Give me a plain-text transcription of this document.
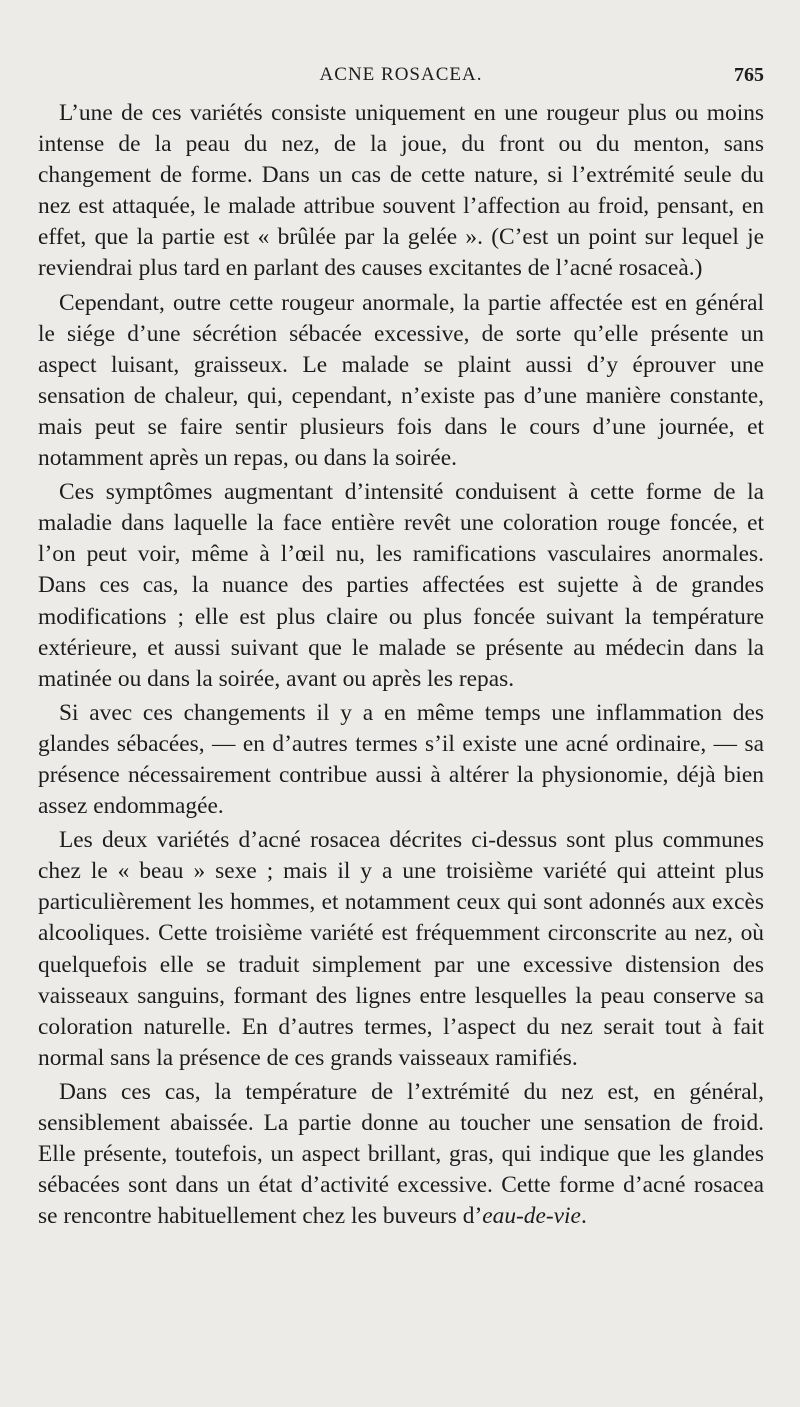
ACNE ROSACEA.	765

L’une de ces variétés consiste uniquement en une rougeur plus ou moins intense de la peau du nez, de la joue, du front ou du menton, sans changement de forme. Dans un cas de cette nature, si l’extrémité seule du nez est attaquée, le malade attribue souvent l’affection au froid, pensant, en effet, que la partie est « brûlée par la gelée ». (C’est un point sur lequel je reviendrai plus tard en parlant des causes excitantes de l’acné rosaceà.)

Cependant, outre cette rougeur anormale, la partie affectée est en général le siége d’une sécrétion sébacée excessive, de sorte qu’elle présente un aspect luisant, graisseux. Le malade se plaint aussi d’y éprouver une sensation de chaleur, qui, cependant, n’existe pas d’une manière constante, mais peut se faire sentir plusieurs fois dans le cours d’une journée, et notamment après un repas, ou dans la soirée.

Ces symptômes augmentant d’intensité conduisent à cette forme de la maladie dans laquelle la face entière revêt une coloration rouge foncée, et l’on peut voir, même à l’œil nu, les ramifications vasculaires anormales. Dans ces cas, la nuance des parties affectées est sujette à de grandes modifications ; elle est plus claire ou plus foncée suivant la température extérieure, et aussi suivant que le malade se présente au médecin dans la matinée ou dans la soirée, avant ou après les repas.

Si avec ces changements il y a en même temps une inflammation des glandes sébacées, — en d’autres termes s’il existe une acné ordinaire, — sa présence nécessairement contribue aussi à altérer la physionomie, déjà bien assez endommagée.

Les deux variétés d’acné rosacea décrites ci-dessus sont plus communes chez le « beau » sexe ; mais il y a une troisième variété qui atteint plus particulièrement les hommes, et notamment ceux qui sont adonnés aux excès alcooliques. Cette troisième variété est fréquemment circonscrite au nez, où quelquefois elle se traduit simplement par une excessive distension des vaisseaux sanguins, formant des lignes entre lesquelles la peau conserve sa coloration naturelle. En d’autres termes, l’aspect du nez serait tout à fait normal sans la présence de ces grands vaisseaux ramifiés.

Dans ces cas, la température de l’extrémité du nez est, en général, sensiblement abaissée. La partie donne au toucher une sensation de froid. Elle présente, toutefois, un aspect brillant, gras, qui indique que les glandes sébacées sont dans un état d’activité excessive. Cette forme d’acné rosacea se rencontre habituellement chez les buveurs d’eau-de-vie.
